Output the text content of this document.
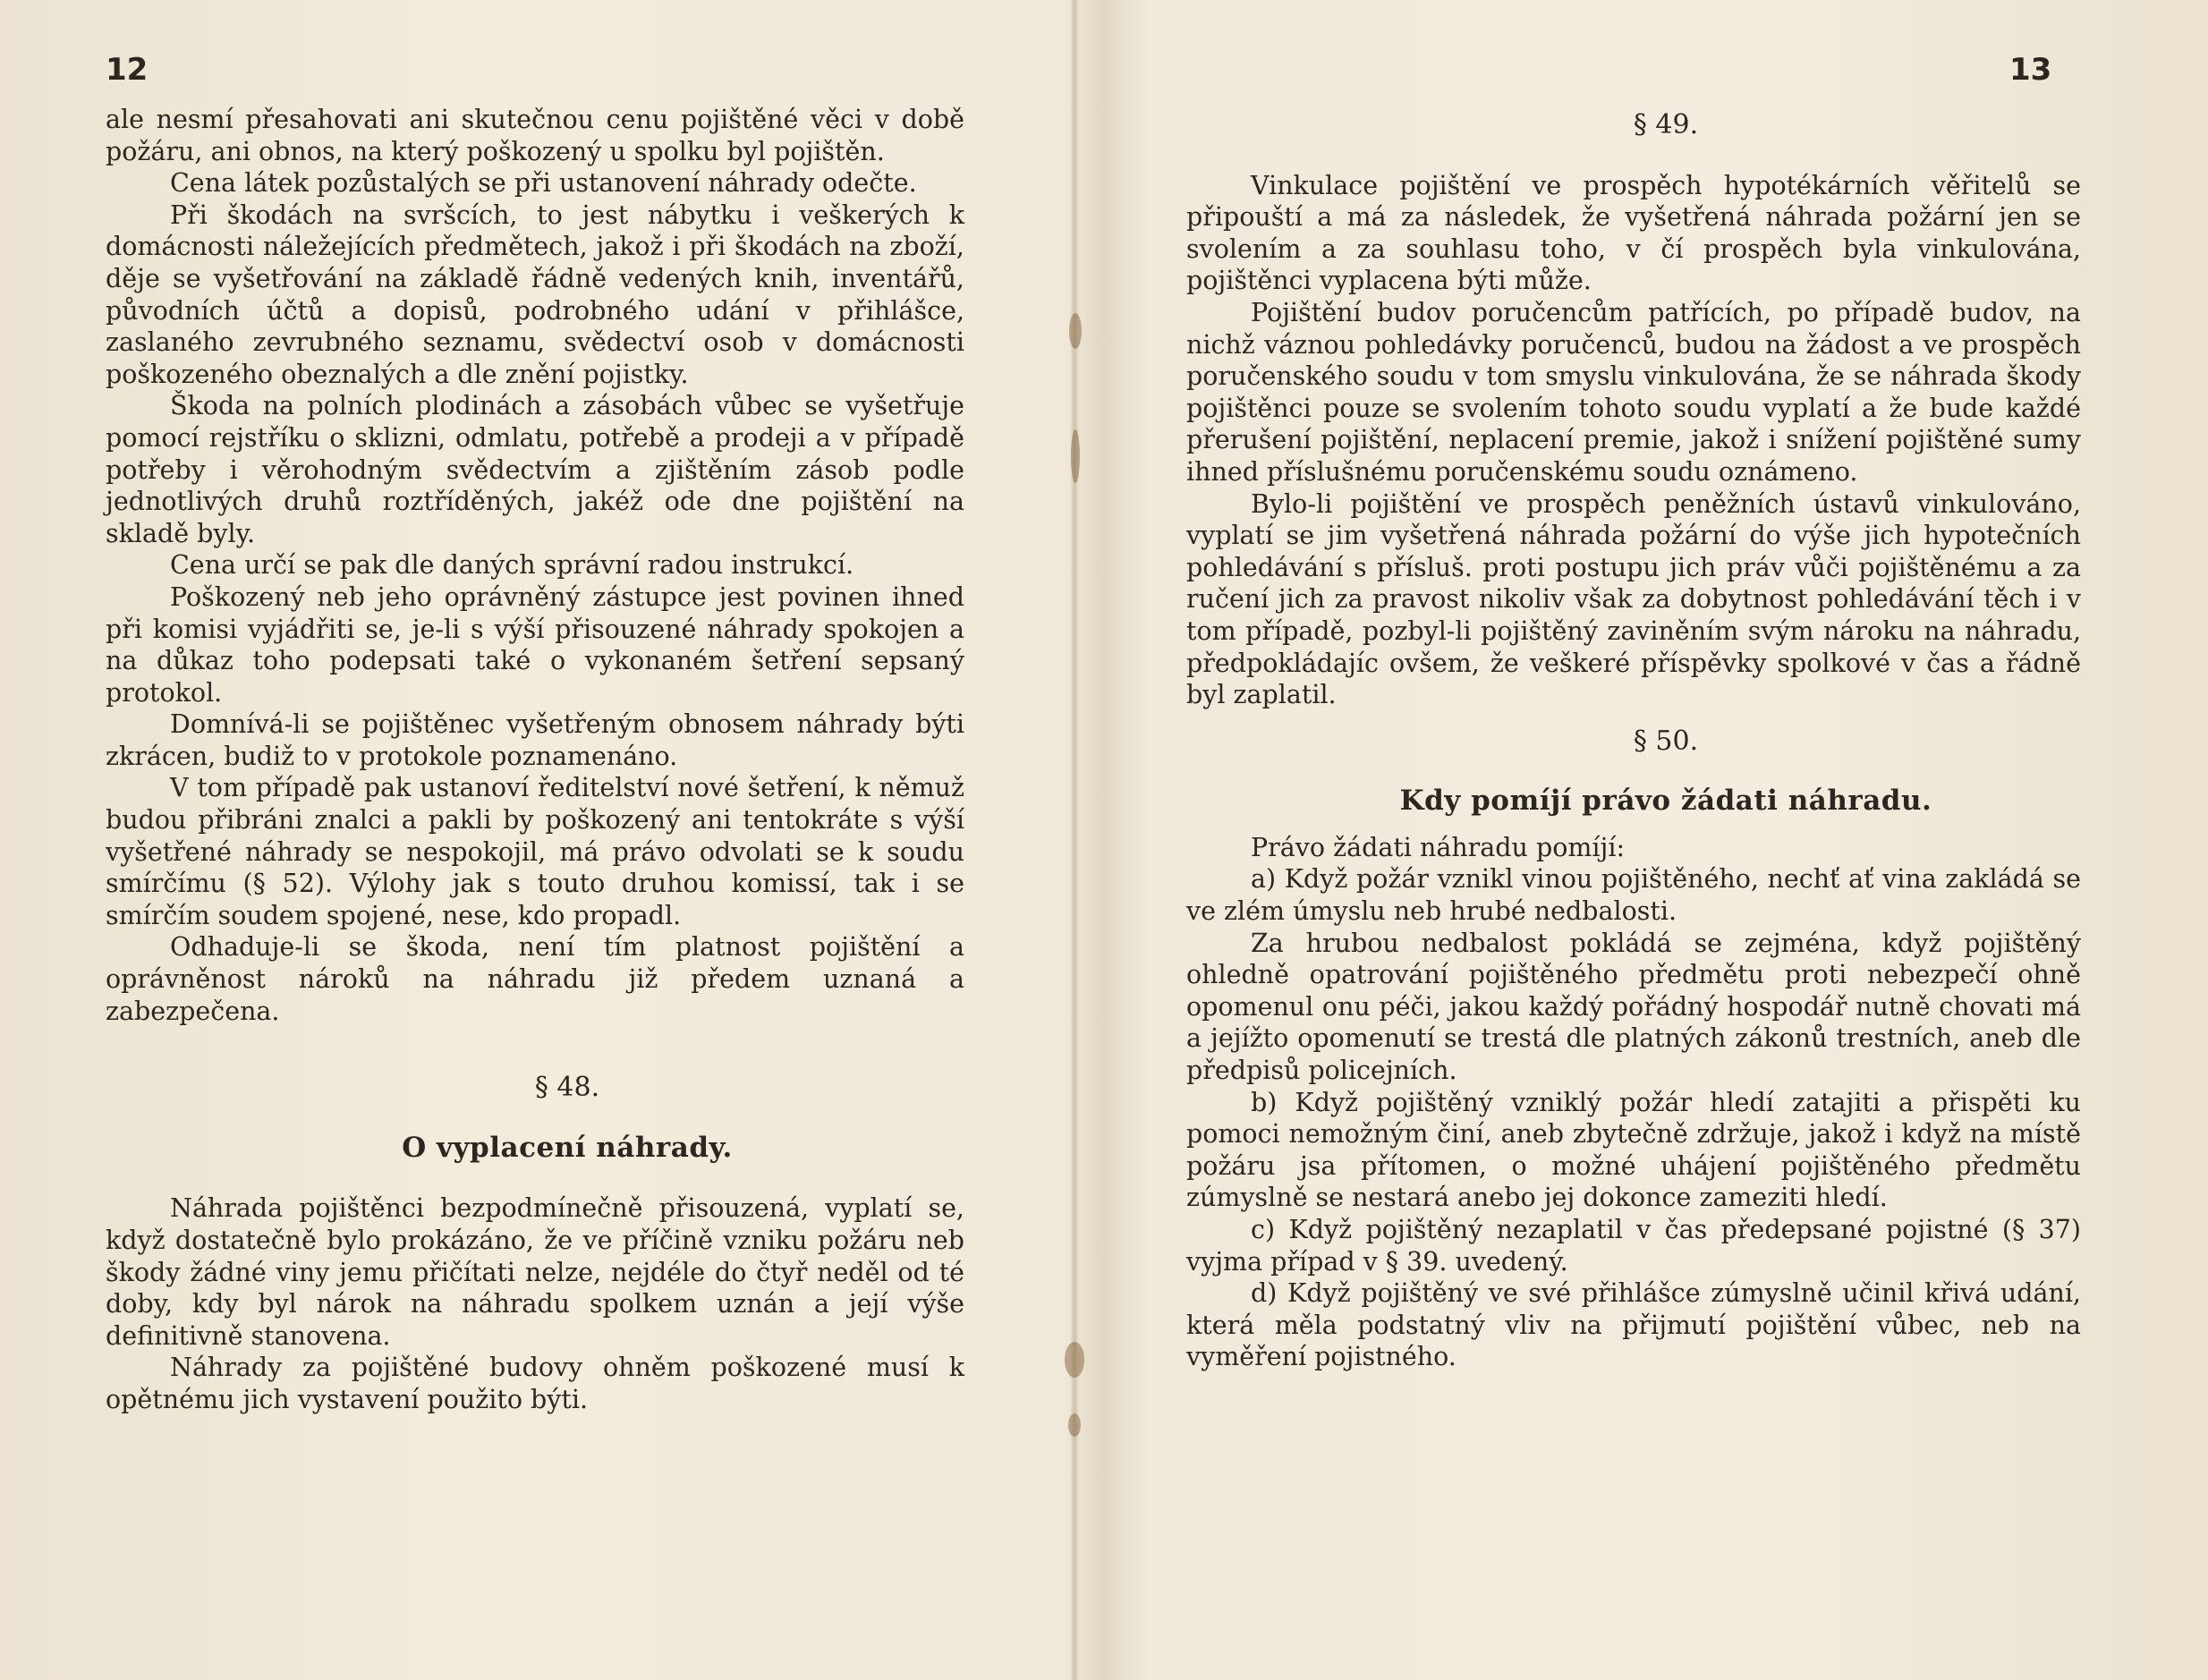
12

ale nesmí přesahovati ani skutečnou cenu pojištěné věci v době požáru, ani obnos, na který poškozený u spolku byl pojištěn.

Cena látek pozůstalých se při ustanovení náhrady odečte.

Při škodách na svršcích, to jest nábytku i veškerých k domácnosti náležejících předmětech, jakož i při škodách na zboží, děje se vyšetřování na základě řádně vedených knih, inventářů, původních účtů a dopisů, podrobného udání v přihlášce, zaslaného zevrubného seznamu, svědectví osob v domácnosti poškozeného obeznalých a dle znění pojistky.

Škoda na polních plodinách a zásobách vůbec se vyšetřuje pomocí rejstříku o sklizni, odmlatu, potřebě a prodeji a v případě potřeby i věrohodným svědectvím a zjištěním zásob podle jednotlivých druhů roztříděných, jakéž ode dne pojištění na skladě byly.

Cena určí se pak dle daných správní radou instrukcí.

Poškozený neb jeho oprávněný zástupce jest povinen ihned při komisi vyjádřiti se, je-li s výší přisouzené náhrady spokojen a na důkaz toho podepsati také o vykonaném šetření sepsaný protokol.

Domnívá-li se pojištěnec vyšetřeným obnosem náhrady býti zkrácen, budiž to v protokole poznamenáno.

V tom případě pak ustanoví ředitelství nové šetření, k němuž budou přibráni znalci a pakli by poškozený ani tentokráte s výší vyšetřené náhrady se nespokojil, má právo odvolati se k soudu smírčímu (§ 52). Výlohy jak s touto druhou komissí, tak i se smírčím soudem spojené, nese, kdo propadl.

Odhaduje-li se škoda, není tím platnost pojištění a oprávněnost nároků na náhradu již předem uznaná a zabezpečena.

§ 48.

O vyplacení náhrady.

Náhrada pojištěnci bezpodmínečně přisouzená, vyplatí se, když dostatečně bylo prokázáno, že ve příčině vzniku požáru neb škody žádné viny jemu přičítati nelze, nejdéle do čtyř neděl od té doby, kdy byl nárok na náhradu spolkem uznán a její výše definitivně stanovena.

Náhrady za pojištěné budovy ohněm poškozené musí k opětnému jich vystavení použito býti.

13

§ 49.

Vinkulace pojištění ve prospěch hypotékárních věřitelů se připouští a má za následek, že vyšetřená náhrada požární jen se svolením a za souhlasu toho, v čí prospěch byla vinkulována, pojištěnci vyplacena býti může.

Pojištění budov poručencům patřících, po případě budov, na nichž váznou pohledávky poručenců, budou na žádost a ve prospěch poručenského soudu v tom smyslu vinkulována, že se náhrada škody pojištěnci pouze se svolením tohoto soudu vyplatí a že bude každé přerušení pojištění, neplacení premie, jakož i snížení pojištěné sumy ihned příslušnému poručenskému soudu oznámeno.

Bylo-li pojištění ve prospěch peněžních ústavů vinkulováno, vyplatí se jim vyšetřená náhrada požární do výše jich hypotečních pohledávání s přísluš. proti postupu jich práv vůči pojištěnému a za ručení jich za pravost nikoliv však za dobytnost pohledávání těch i v tom případě, pozbyl-li pojištěný zaviněním svým nároku na náhradu, předpokládajíc ovšem, že veškeré příspěvky spolkové v čas a řádně byl zaplatil.

§ 50.

Kdy pomíjí právo žádati náhradu.

Právo žádati náhradu pomíjí:

a) Když požár vznikl vinou pojištěného, nechť ať vina zakládá se ve zlém úmyslu neb hrubé nedbalosti.

Za hrubou nedbalost pokládá se zejména, když pojištěný ohledně opatrování pojištěného předmětu proti nebezpečí ohně opomenul onu péči, jakou každý pořádný hospodář nutně chovati má a jejížto opomenutí se trestá dle platných zákonů trestních, aneb dle předpisů policejních.

b) Když pojištěný vzniklý požár hledí zatajiti a přispěti ku pomoci nemožným činí, aneb zbytečně zdržuje, jakož i když na místě požáru jsa přítomen, o možné uhájení pojištěného předmětu zúmyslně se nestará anebo jej dokonce zameziti hledí.

c) Když pojištěný nezaplatil v čas předepsané pojistné (§ 37) vyjma případ v § 39. uvedený.

d) Když pojištěný ve své přihlášce zúmyslně učinil křivá udání, která měla podstatný vliv na přijmutí pojištění vůbec, neb na vyměření pojistného.
